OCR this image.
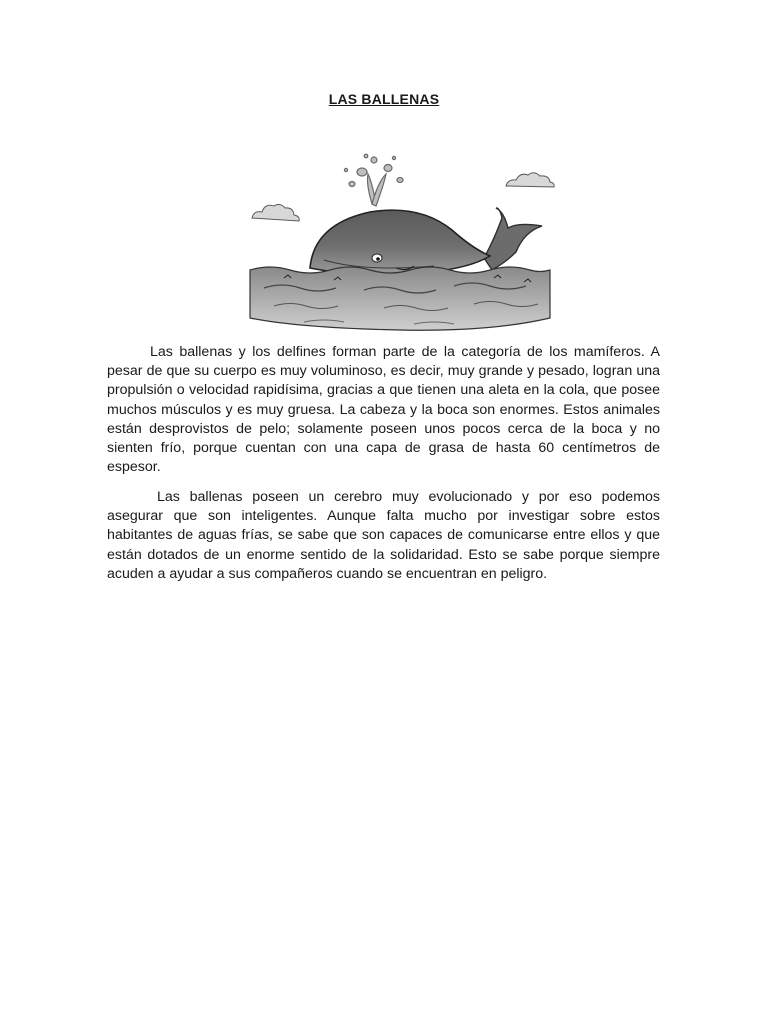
LAS BALLENAS

Las ballenas y los delfines forman parte de la categoría de los mamíferos. A pesar de que su cuerpo es muy voluminoso, es decir, muy grande y pesado, logran una propulsión o velocidad rapidísima, gracias a que tienen una aleta en la cola, que posee muchos músculos y es muy gruesa. La cabeza y la boca son enormes. Estos animales están desprovistos de pelo; solamente poseen unos pocos cerca de la boca y no sienten frío, porque cuentan con una capa de grasa de hasta 60 centímetros de espesor.

Las ballenas poseen un cerebro muy evolucionado y por eso podemos asegurar que son inteligentes. Aunque falta mucho por investigar sobre estos habitantes de aguas frías, se sabe que son capaces de comunicarse entre ellos y que están dotados de un enorme sentido de la solidaridad. Esto se sabe porque siempre acuden a ayudar a sus compañeros cuando se encuentran en peligro.
